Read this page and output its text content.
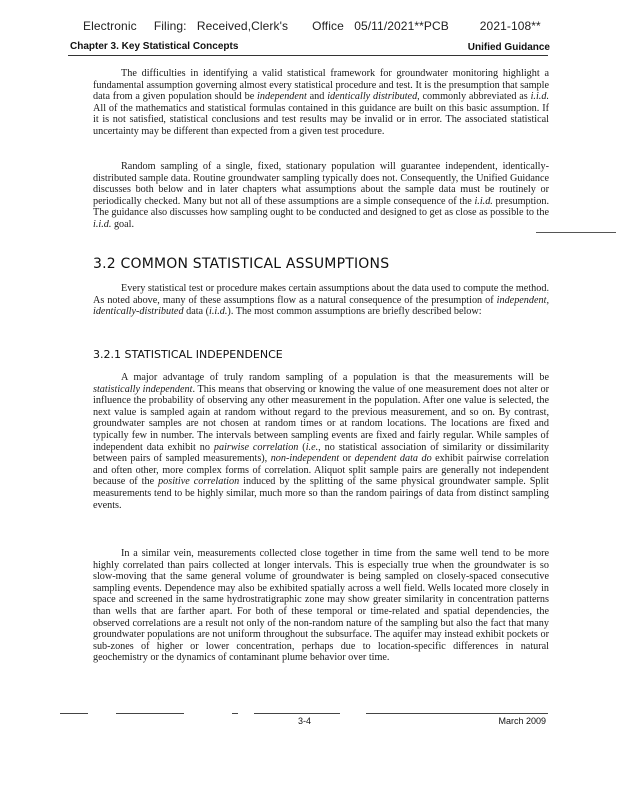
Electronic     Filing:   Received,Clerk's       Office   05/11/2021**PCB         2021-108**
Chapter 3. Key Statistical Concepts	Unified Guidance

The difficulties in identifying a valid statistical framework for groundwater monitoring highlight a fundamental assumption governing almost every statistical procedure and test. It is the presumption that sample data from a given population should be independent and identically distributed, commonly abbreviated as i.i.d. All of the mathematics and statistical formulas contained in this guidance are built on this basic assumption. If it is not satisfied, statistical conclusions and test results may be invalid or in error. The associated statistical uncertainty may be different than expected from a given test procedure.

Random sampling of a single, fixed, stationary population will guarantee independent, identically-distributed sample data. Routine groundwater sampling typically does not. Consequently, the Unified Guidance discusses both below and in later chapters what assumptions about the sample data must be routinely or periodically checked. Many but not all of these assumptions are a simple consequence of the i.i.d. presumption. The guidance also discusses how sampling ought to be conducted and designed to get as close as possible to the i.i.d. goal.

3.2 COMMON STATISTICAL ASSUMPTIONS

Every statistical test or procedure makes certain assumptions about the data used to compute the method. As noted above, many of these assumptions flow as a natural consequence of the presumption of independent, identically-distributed data (i.i.d.). The most common assumptions are briefly described below:

3.2.1 STATISTICAL INDEPENDENCE

A major advantage of truly random sampling of a population is that the measurements will be statistically independent. This means that observing or knowing the value of one measurement does not alter or influence the probability of observing any other measurement in the population. After one value is selected, the next value is sampled again at random without regard to the previous measurement, and so on. By contrast, groundwater samples are not chosen at random times or at random locations. The locations are fixed and typically few in number. The intervals between sampling events are fixed and fairly regular. While samples of independent data exhibit no pairwise correlation (i.e., no statistical association of similarity or dissimilarity between pairs of sampled measurements), non-independent or dependent data do exhibit pairwise correlation and often other, more complex forms of correlation. Aliquot split sample pairs are generally not independent because of the positive correlation induced by the splitting of the same physical groundwater sample. Split measurements tend to be highly similar, much more so than the random pairings of data from distinct sampling events.

In a similar vein, measurements collected close together in time from the same well tend to be more highly correlated than pairs collected at longer intervals. This is especially true when the groundwater is so slow-moving that the same general volume of groundwater is being sampled on closely-spaced consecutive sampling events. Dependence may also be exhibited spatially across a well field. Wells located more closely in space and screened in the same hydrostratigraphic zone may show greater similarity in concentration patterns than wells that are farther apart. For both of these temporal or time-related and spatial dependencies, the observed correlations are a result not only of the non-random nature of the sampling but also the fact that many groundwater populations are not uniform throughout the subsurface. The aquifer may instead exhibit pockets or sub-zones of higher or lower concentration, perhaps due to location-specific differences in natural geochemistry or the dynamics of contaminant plume behavior over time.

3-4	March 2009
